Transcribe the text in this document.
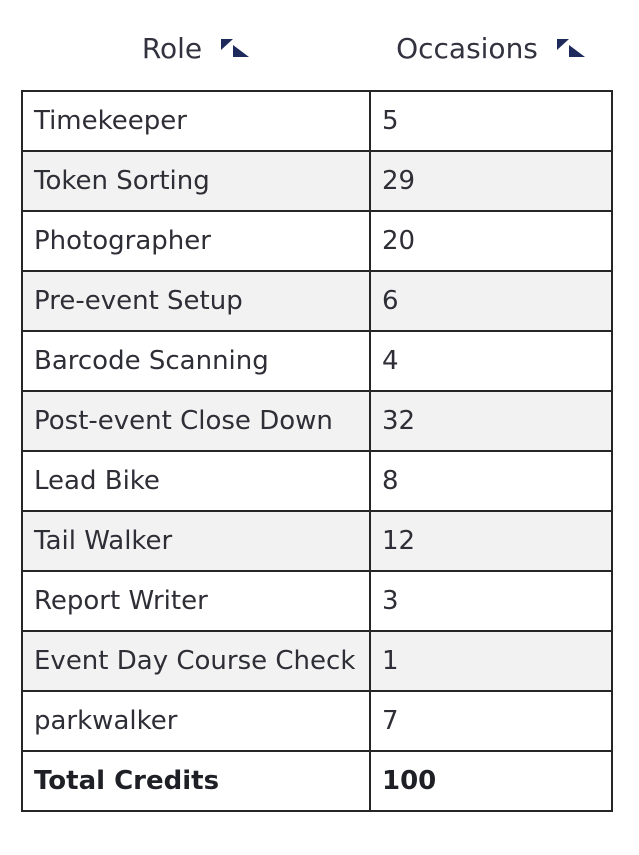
Role	Occasions

Timekeeper	5
Token Sorting	29
Photographer	20
Pre-event Setup	6
Barcode Scanning	4
Post-event Close Down	32
Lead Bike	8
Tail Walker	12
Report Writer	3
Event Day Course Check	1
parkwalker	7
Total Credits	100
